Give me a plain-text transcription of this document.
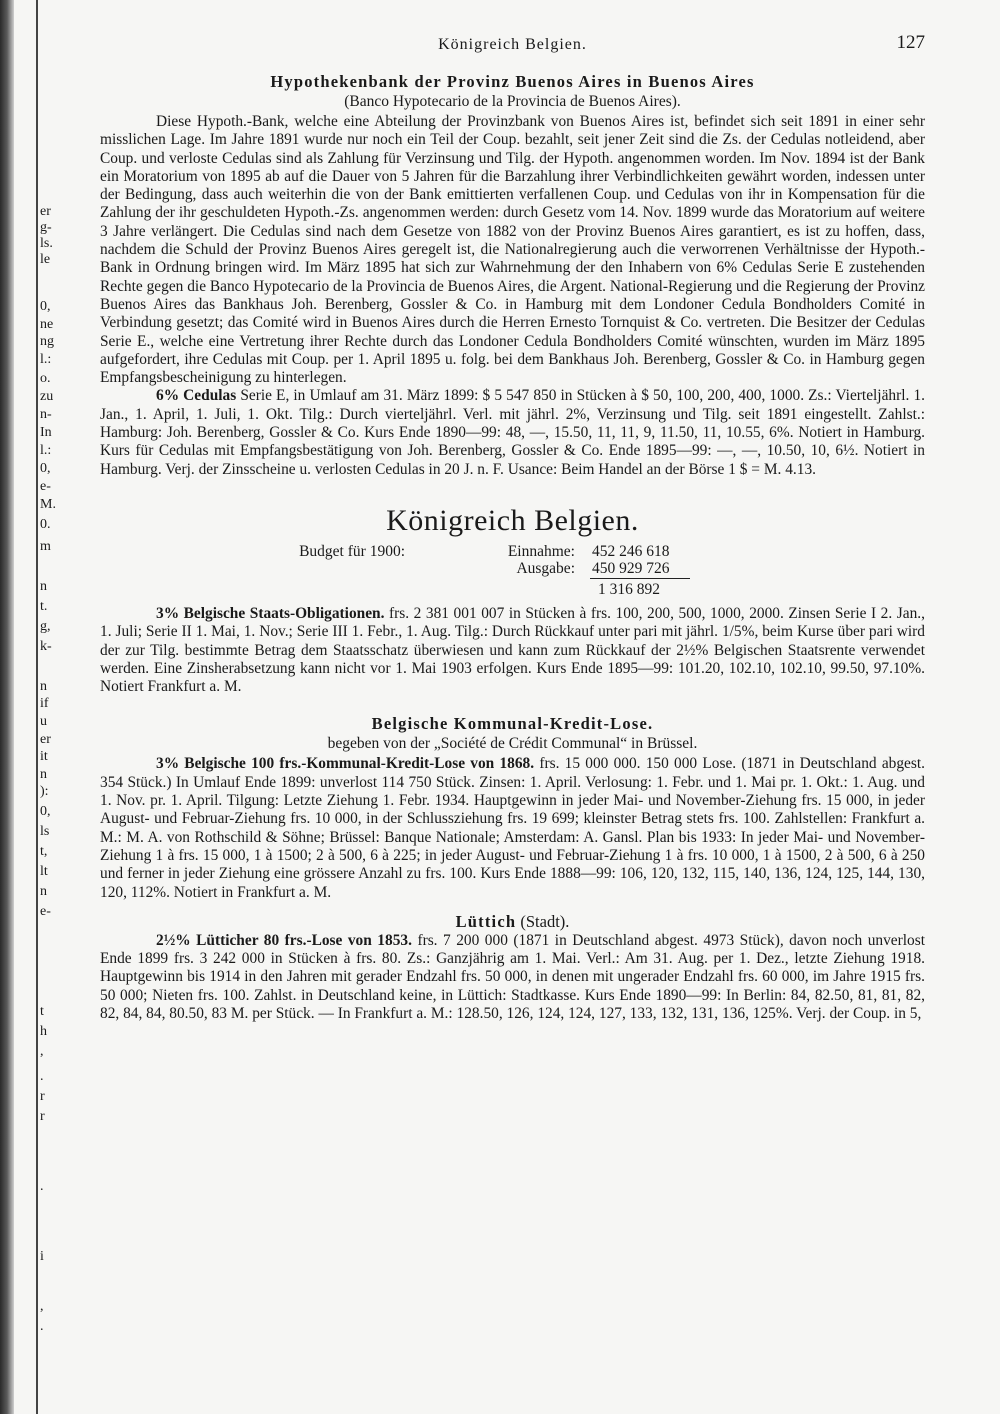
er
g-
ls.
le
0,
ne
ng
l.:
o.
zu
n-
In
l.:
0,
e-
M.
0.
m
n
t.
g,
k-
n
if
u
er
it
n
):
0,
ls
t,
lt
n
e-
t
h
,
.
r
r
.
i
,
.
Königreich Belgien.	127
Hypothekenbank der Provinz Buenos Aires in Buenos Aires
(Banco Hypotecario de la Provincia de Buenos Aires).

Diese Hypoth.-Bank, welche eine Abteilung der Provinzbank von Buenos Aires ist, befindet sich seit 1891 in einer sehr misslichen Lage. Im Jahre 1891 wurde nur noch ein Teil der Coup. bezahlt, seit jener Zeit sind die Zs. der Cedulas notleidend, aber Coup. und verloste Cedulas sind als Zahlung für Verzinsung und Tilg. der Hypoth. angenommen worden. Im Nov. 1894 ist der Bank ein Moratorium von 1895 ab auf die Dauer von 5 Jahren für die Barzahlung ihrer Verbindlichkeiten gewährt worden, indessen unter der Bedingung, dass auch weiterhin die von der Bank emittierten verfallenen Coup. und Cedulas von ihr in Kompensation für die Zahlung der ihr geschuldeten Hypoth.-Zs. angenommen werden: durch Gesetz vom 14. Nov. 1899 wurde das Moratorium auf weitere 3 Jahre verlängert. Die Cedulas sind nach dem Gesetze von 1882 von der Provinz Buenos Aires garantiert, es ist zu hoffen, dass, nachdem die Schuld der Provinz Buenos Aires geregelt ist, die Nationalregierung auch die verworrenen Verhältnisse der Hypoth.-Bank in Ordnung bringen wird. Im März 1895 hat sich zur Wahrnehmung der den Inhabern von 6% Cedulas Serie E zustehenden Rechte gegen die Banco Hypotecario de la Provincia de Buenos Aires, die Argent. National-Regierung und die Regierung der Provinz Buenos Aires das Bankhaus Joh. Berenberg, Gossler & Co. in Hamburg mit dem Londoner Cedula Bondholders Comité in Verbindung gesetzt; das Comité wird in Buenos Aires durch die Herren Ernesto Tornquist & Co. vertreten. Die Besitzer der Cedulas Serie E., welche eine Vertretung ihrer Rechte durch das Londoner Cedula Bondholders Comité wünschten, wurden im März 1895 aufgefordert, ihre Cedulas mit Coup. per 1. April 1895 u. folg. bei dem Bankhaus Joh. Berenberg, Gossler & Co. in Hamburg gegen Empfangsbescheinigung zu hinterlegen.

6% Cedulas Serie E, in Umlauf am 31. März 1899: $ 5 547 850 in Stücken à $ 50, 100, 200, 400, 1000. Zs.: Vierteljährl. 1. Jan., 1. April, 1. Juli, 1. Okt. Tilg.: Durch vierteljährl. Verl. mit jährl. 2%, Verzinsung und Tilg. seit 1891 eingestellt. Zahlst.: Hamburg: Joh. Berenberg, Gossler & Co. Kurs Ende 1890—99: 48, —, 15.50, 11, 11, 9, 11.50, 11, 10.55, 6%. Notiert in Hamburg. Kurs für Cedulas mit Empfangsbestätigung von Joh. Berenberg, Gossler & Co. Ende 1895—99: —, —, 10.50, 10, 6½. Notiert in Hamburg. Verj. der Zinsscheine u. verlosten Cedulas in 20 J. n. F. Usance: Beim Handel an der Börse 1 $ = M. 4.13.

Königreich Belgien.
Budget für 1900:	Einnahme: 452 246 618
Ausgabe: 450 929 726
1 316 892

3% Belgische Staats-Obligationen. frs. 2 381 001 007 in Stücken à frs. 100, 200, 500, 1000, 2000. Zinsen Serie I 2. Jan., 1. Juli; Serie II 1. Mai, 1. Nov.; Serie III 1. Febr., 1. Aug. Tilg.: Durch Rückkauf unter pari mit jährl. 1/5%, beim Kurse über pari wird der zur Tilg. bestimmte Betrag dem Staatsschatz überwiesen und kann zum Rückkauf der 2½% Belgischen Staatsrente verwendet werden. Eine Zinsherabsetzung kann nicht vor 1. Mai 1903 erfolgen. Kurs Ende 1895—99: 101.20, 102.10, 102.10, 99.50, 97.10%. Notiert Frankfurt a. M.

Belgische Kommunal-Kredit-Lose.
begeben von der „Société de Crédit Communal“ in Brüssel.

3% Belgische 100 frs.-Kommunal-Kredit-Lose von 1868. frs. 15 000 000. 150 000 Lose. (1871 in Deutschland abgest. 354 Stück.) In Umlauf Ende 1899: unverlost 114 750 Stück. Zinsen: 1. April. Verlosung: 1. Febr. und 1. Mai pr. 1. Okt.: 1. Aug. und 1. Nov. pr. 1. April. Tilgung: Letzte Ziehung 1. Febr. 1934. Hauptgewinn in jeder Mai- und November-Ziehung frs. 15 000, in jeder August- und Februar-Ziehung frs. 10 000, in der Schlussziehung frs. 19 699; kleinster Betrag stets frs. 100. Zahlstellen: Frankfurt a. M.: M. A. von Rothschild & Söhne; Brüssel: Banque Nationale; Amsterdam: A. Gansl. Plan bis 1933: In jeder Mai- und November-Ziehung 1 à frs. 15 000, 1 à 1500; 2 à 500, 6 à 225; in jeder August- und Februar-Ziehung 1 à frs. 10 000, 1 à 1500, 2 à 500, 6 à 250 und ferner in jeder Ziehung eine grössere Anzahl zu frs. 100. Kurs Ende 1888—99: 106, 120, 132, 115, 140, 136, 124, 125, 144, 130, 120, 112%. Notiert in Frankfurt a. M.

Lüttich (Stadt).

2½% Lütticher 80 frs.-Lose von 1853. frs. 7 200 000 (1871 in Deutschland abgest. 4973 Stück), davon noch unverlost Ende 1899 frs. 3 242 000 in Stücken à frs. 80. Zs.: Ganzjährig am 1. Mai. Verl.: Am 31. Aug. per 1. Dez., letzte Ziehung 1918. Hauptgewinn bis 1914 in den Jahren mit gerader Endzahl frs. 50 000, in denen mit ungerader Endzahl frs. 60 000, im Jahre 1915 frs. 50 000; Nieten frs. 100. Zahlst. in Deutschland keine, in Lüttich: Stadtkasse. Kurs Ende 1890—99: In Berlin: 84, 82.50, 81, 81, 82, 82, 84, 84, 80.50, 83 M. per Stück. — In Frankfurt a. M.: 128.50, 126, 124, 124, 127, 133, 132, 131, 136, 125%. Verj. der Coup. in 5,
